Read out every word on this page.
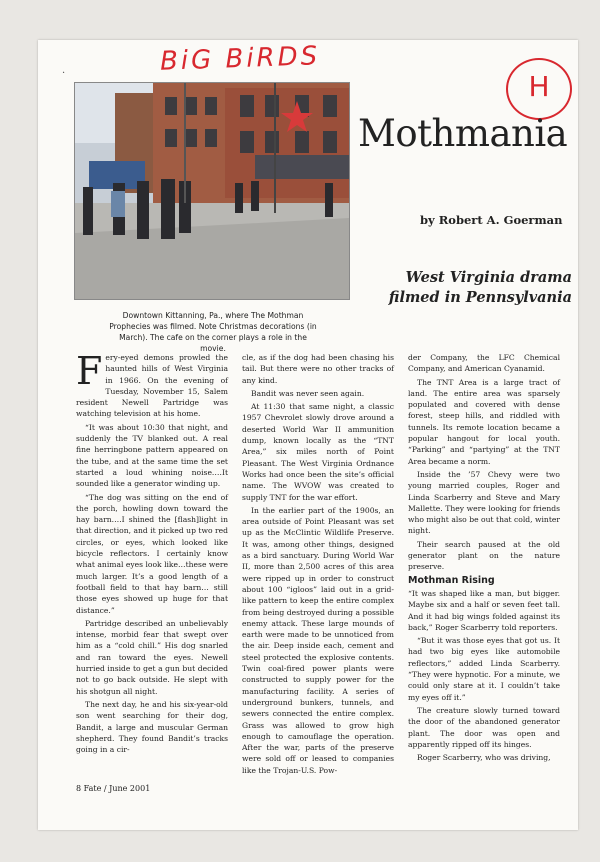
·	BiG BiRDS
H
Downtown Kittanning, Pa., where The Mothman Prophecies was filmed. Note Christmas decorations (in March). The cafe on the corner plays a role in the movie.
Mothmania
by Robert A. Goerman
West Virginia drama filmed in Pennsylvania

Fery-eyed demons prowled the haunted hills of West Virginia in 1966. On the evening of Tuesday, November 15, Salem resident Newell Partridge was watching television at his home.

“It was about 10:30 that night, and suddenly the TV blanked out. A real fine herringbone pattern appeared on the tube, and at the same time the set started a loud whining noise.…It sounded like a generator winding up.

“The dog was sitting on the end of the porch, howling down toward the hay barn.…I shined the [flash]light in that direction, and it picked up two red circles, or eyes, which looked like bicycle reflectors. I certainly know what animal eyes look like…these were much larger. It’s a good length of a football field to that hay barn… still those eyes showed up huge for that distance.”

Partridge described an unbelievably intense, morbid fear that swept over him as a “cold chill.” His dog snarled and ran toward the eyes. Newell hurried inside to get a gun but decided not to go back outside. He slept with his shotgun all night.

The next day, he and his six-year-old son went searching for their dog, Bandit, a large and muscular German shepherd. They found Bandit’s tracks going in a cir-

cle, as if the dog had been chasing his tail. But there were no other tracks of any kind.

Bandit was never seen again.

At 11:30 that same night, a classic 1957 Chevrolet slowly drove around a deserted World War II ammunition dump, known locally as the “TNT Area,” six miles north of Point Pleasant. The West Virginia Ordnance Works had once been the site’s official name. The WVOW was created to supply TNT for the war effort.

In the earlier part of the 1900s, an area outside of Point Pleasant was set up as the McClintic Wildlife Preserve. It was, among other things, designed as a bird sanctuary. During World War II, more than 2,500 acres of this area were ripped up in order to construct about 100 “igloos” laid out in a grid-like pattern to keep the entire complex from being destroyed during a possible enemy attack. These large mounds of earth were made to be unnoticed from the air. Deep inside each, cement and steel protected the explosive contents. Twin coal-fired power plants were constructed to supply power for the manufacturing facility. A series of underground bunkers, tunnels, and sewers connected the entire complex. Grass was allowed to grow high enough to camouflage the operation. After the war, parts of the preserve were sold off or leased to companies like the Trojan-U.S. Pow-

der Company, the LFC Chemical Company, and American Cyanamid.

The TNT Area is a large tract of land. The entire area was sparsely populated and covered with dense forest, steep hills, and riddled with tunnels. Its remote location became a popular hangout for local youth. “Parking” and “partying” at the TNT Area became a norm.

Inside the ’57 Chevy were two young married couples, Roger and Linda Scarberry and Steve and Mary Mallette. They were looking for friends who might also be out that cold, winter night.

Their search paused at the old generator plant on the nature preserve.

Mothman Rising

“It was shaped like a man, but bigger. Maybe six and a half or seven feet tall. And it had big wings folded against its back,” Roger Scarberry told reporters.

“But it was those eyes that got us. It had two big eyes like automobile reflectors,” added Linda Scarberry. “They were hypnotic. For a minute, we could only stare at it. I couldn’t take my eyes off it.”

The creature slowly turned toward the door of the abandoned generator plant. The door was open and apparently ripped off its hinges.

Roger Scarberry, who was driving,

8 Fate / June 2001
